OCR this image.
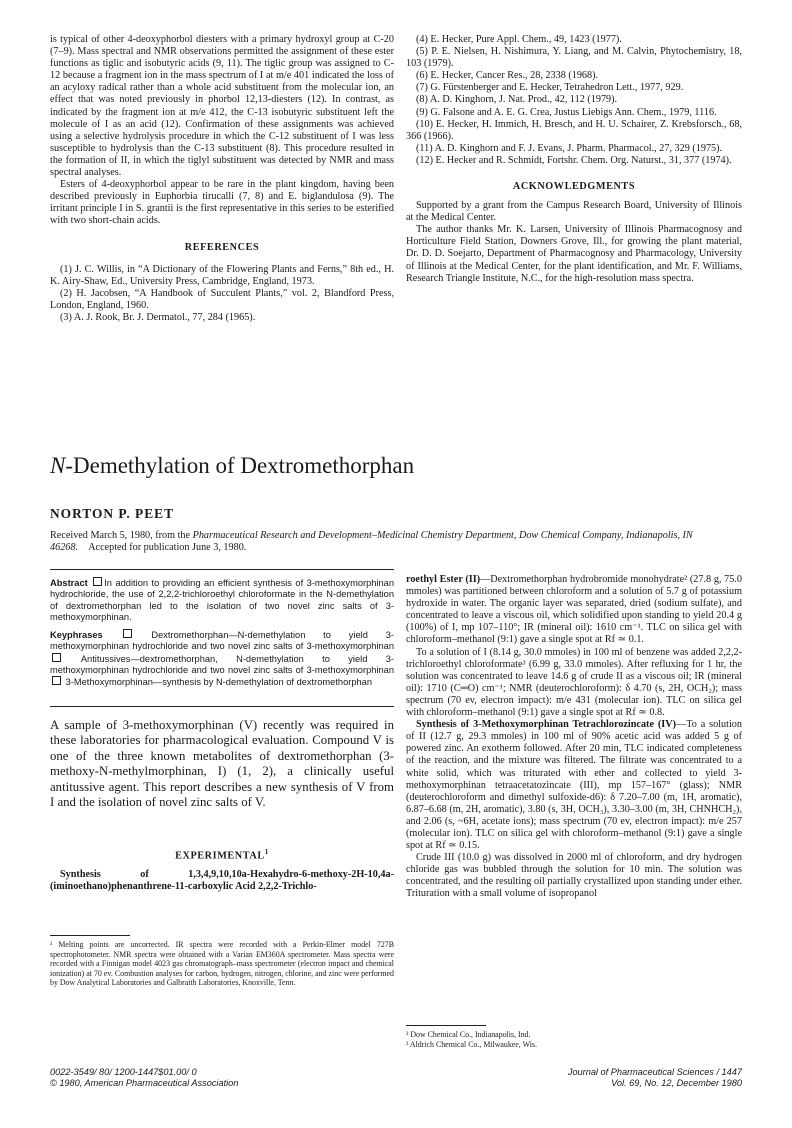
is typical of other 4-deoxyphorbol diesters with a primary hydroxyl group at C-20 (7–9). Mass spectral and NMR observations permitted the assignment of these ester functions as tiglic and isobutyric acids (9, 11). The tiglic group was assigned to C-12 because a fragment ion in the mass spectrum of I at m/e 401 indicated the loss of an acyloxy radical rather than a whole acid substituent from the molecular ion, an effect that was noted previously in phorbol 12,13-diesters (12). In contrast, as indicated by the fragment ion at m/e 412, the C-13 isobutyric substituent left the molecule of I as an acid (12). Confirmation of these assignments was achieved using a selective hydrolysis procedure in which the C-12 substituent of I was less susceptible to hydrolysis than the C-13 substituent (8). This procedure resulted in the formation of II, in which the tiglyl substituent was detected by NMR and mass spectral analyses.

Esters of 4-deoxyphorbol appear to be rare in the plant kingdom, having been described previously in Euphorbia tirucalli (7, 8) and E. biglandulosa (9). The irritant principle I in S. grantii is the first representative in this series to be esterified with two short-chain acids.

REFERENCES

(1) J. C. Willis, in “A Dictionary of the Flowering Plants and Ferns,” 8th ed., H. K. Airy-Shaw, Ed., University Press, Cambridge, England, 1973.

(2) H. Jacobsen, “A Handbook of Succulent Plants,” vol. 2, Blandford Press, London, England, 1960.

(3) A. J. Rook, Br. J. Dermatol., 77, 284 (1965).

(4) E. Hecker, Pure Appl. Chem., 49, 1423 (1977).

(5) P. E. Nielsen, H. Nishimura, Y. Liang, and M. Calvin, Phytochemistry, 18, 103 (1979).

(6) E. Hecker, Cancer Res., 28, 2338 (1968).

(7) G. Fürstenberger and E. Hecker, Tetrahedron Lett., 1977, 929.

(8) A. D. Kinghorn, J. Nat. Prod., 42, 112 (1979).

(9) G. Falsone and A. E. G. Crea, Justus Liebigs Ann. Chem., 1979, 1116.

(10) E. Hecker, H. Immich, H. Bresch, and H. U. Schairer, Z. Krebsforsch., 68, 366 (1966).

(11) A. D. Kinghorn and F. J. Evans, J. Pharm. Pharmacol., 27, 329 (1975).

(12) E. Hecker and R. Schmidt, Fortshr. Chem. Org. Naturst., 31, 377 (1974).

ACKNOWLEDGMENTS

Supported by a grant from the Campus Research Board, University of Illinois at the Medical Center.

The author thanks Mr. K. Larsen, University of Illinois Pharmacognosy and Horticulture Field Station, Downers Grove, Ill., for growing the plant material, Dr. D. D. Soejarto, Department of Pharmacognosy and Pharmacology, University of Illinois at the Medical Center, for the plant identification, and Mr. F. Williams, Research Triangle Institute, N.C., for the high-resolution mass spectra.

N-Demethylation of Dextromethorphan
NORTON P. PEET
Received March 5, 1980, from the Pharmaceutical Research and Development–Medicinal Chemistry Department, Dow Chemical Company, Indianapolis, IN 46268. Accepted for publication June 3, 1980.

Abstract In addition to providing an efficient synthesis of 3-methoxymorphinan hydrochloride, the use of 2,2,2-trichloroethyl chloroformate in the N-demethylation of dextromethorphan led to the isolation of two novel zinc salts of 3-methoxymorphinan.

Keyphrases	Dextromethorphan—N-demethylation to yield 3-methoxymorphinan hydrochloride and two novel zinc salts of 3-methoxymorphinan  Antitussives—dextromethorphan, N-demethylation to yield 3-methoxymorphinan hydrochloride and two novel zinc salts of 3-methoxymorphinan  3-Methoxymorphinan—synthesis by N-demethylation of dextromethorphan

A sample of 3-methoxymorphinan (V) recently was required in these laboratories for pharmacological evaluation. Compound V is one of the three known metabolites of dextromethorphan (3-methoxy-N-methylmorphinan, I) (1, 2), a clinically useful antitussive agent. This report describes a new synthesis of V from I and the isolation of novel zinc salts of V.
EXPERIMENTAL$^1$
Synthesis of 1,3,4,9,10,10a-Hexahydro-6-methoxy-2H-10,4a-(iminoethano)phenanthrene-11-carboxylic Acid 2,2,2-Trichlo-
¹ Melting points are uncorrected. IR spectra were recorded with a Perkin-Elmer model 727B spectrophotometer. NMR spectra were obtained with a Varian EM360A spectrometer. Mass spectra were recorded with a Finnigan model 4023 gas chromatograph–mass spectrometer (electron impact and chemical ionization) at 70 ev. Combustion analyses for carbon, hydrogen, nitrogen, chlorine, and zinc were performed by Dow Analytical Laboratories and Galbraith Laboratories, Knoxville, Tenn.

roethyl Ester (II)—Dextromethorphan hydrobromide monohydrate² (27.8 g, 75.0 mmoles) was partitioned between chloroform and a solution of 5.7 g of potassium hydroxide in water. The organic layer was separated, dried (sodium sulfate), and concentrated to leave a viscous oil, which solidified upon standing to yield 20.4 g (100%) of I, mp 107–110°; IR (mineral oil): 1610 cm⁻¹. TLC on silica gel with chloroform–methanol (9:1) gave a single spot at Rf ≃ 0.1.

To a solution of I (8.14 g, 30.0 mmoles) in 100 ml of benzene was added 2,2,2-trichloroethyl chloroformate³ (6.99 g, 33.0 mmoles). After refluxing for 1 hr, the solution was concentrated to leave 14.6 g of crude II as a viscous oil; IR (mineral oil): 1710 (C═O) cm⁻¹; NMR (deuterochloroform): δ 4.70 (s, 2H, OCH₂); mass spectrum (70 ev, electron impact): m/e 431 (molecular ion). TLC on silica gel with chloroform–methanol (9:1) gave a single spot at Rf ≃ 0.8.

Synthesis of 3-Methoxymorphinan Tetrachlorozincate (IV)—To a solution of II (12.7 g, 29.3 mmoles) in 100 ml of 90% acetic acid was added 5 g of powered zinc. An exotherm followed. After 20 min, TLC indicated completeness of the reaction, and the mixture was filtered. The filtrate was concentrated to a white solid, which was triturated with ether and collected to yield 3-methoxymorphinan tetraacetatozincate (III), mp 157–167° (glass); NMR (deuterochloroform and dimethyl sulfoxide-d6): δ 7.20–7.00 (m, 1H, aromatic), 6.87–6.68 (m, 2H, aromatic), 3.80 (s, 3H, OCH₃), 3.30–3.00 (m, 3H, CHNHCH₂), and 2.06 (s, ~6H, acetate ions); mass spectrum (70 ev, electron impact): m/e 257 (molecular ion). TLC on silica gel with chloroform–methanol (9:1) gave a single spot at Rf ≃ 0.15.

Crude III (10.0 g) was dissolved in 2000 ml of chloroform, and dry hydrogen chloride gas was bubbled through the solution for 10 min. The solution was concentrated, and the resulting oil partially crystallized upon standing under ether. Trituration with a small volume of isopropanol

² Dow Chemical Co., Indianapolis, Ind.

³ Aldrich Chemical Co., Milwaukee, Wis.

0022-3549/ 80/ 1200-1447$01.00/ 0
© 1980, American Pharmaceutical Association
Journal of Pharmaceutical Sciences / 1447
Vol. 69, No. 12, December 1980
